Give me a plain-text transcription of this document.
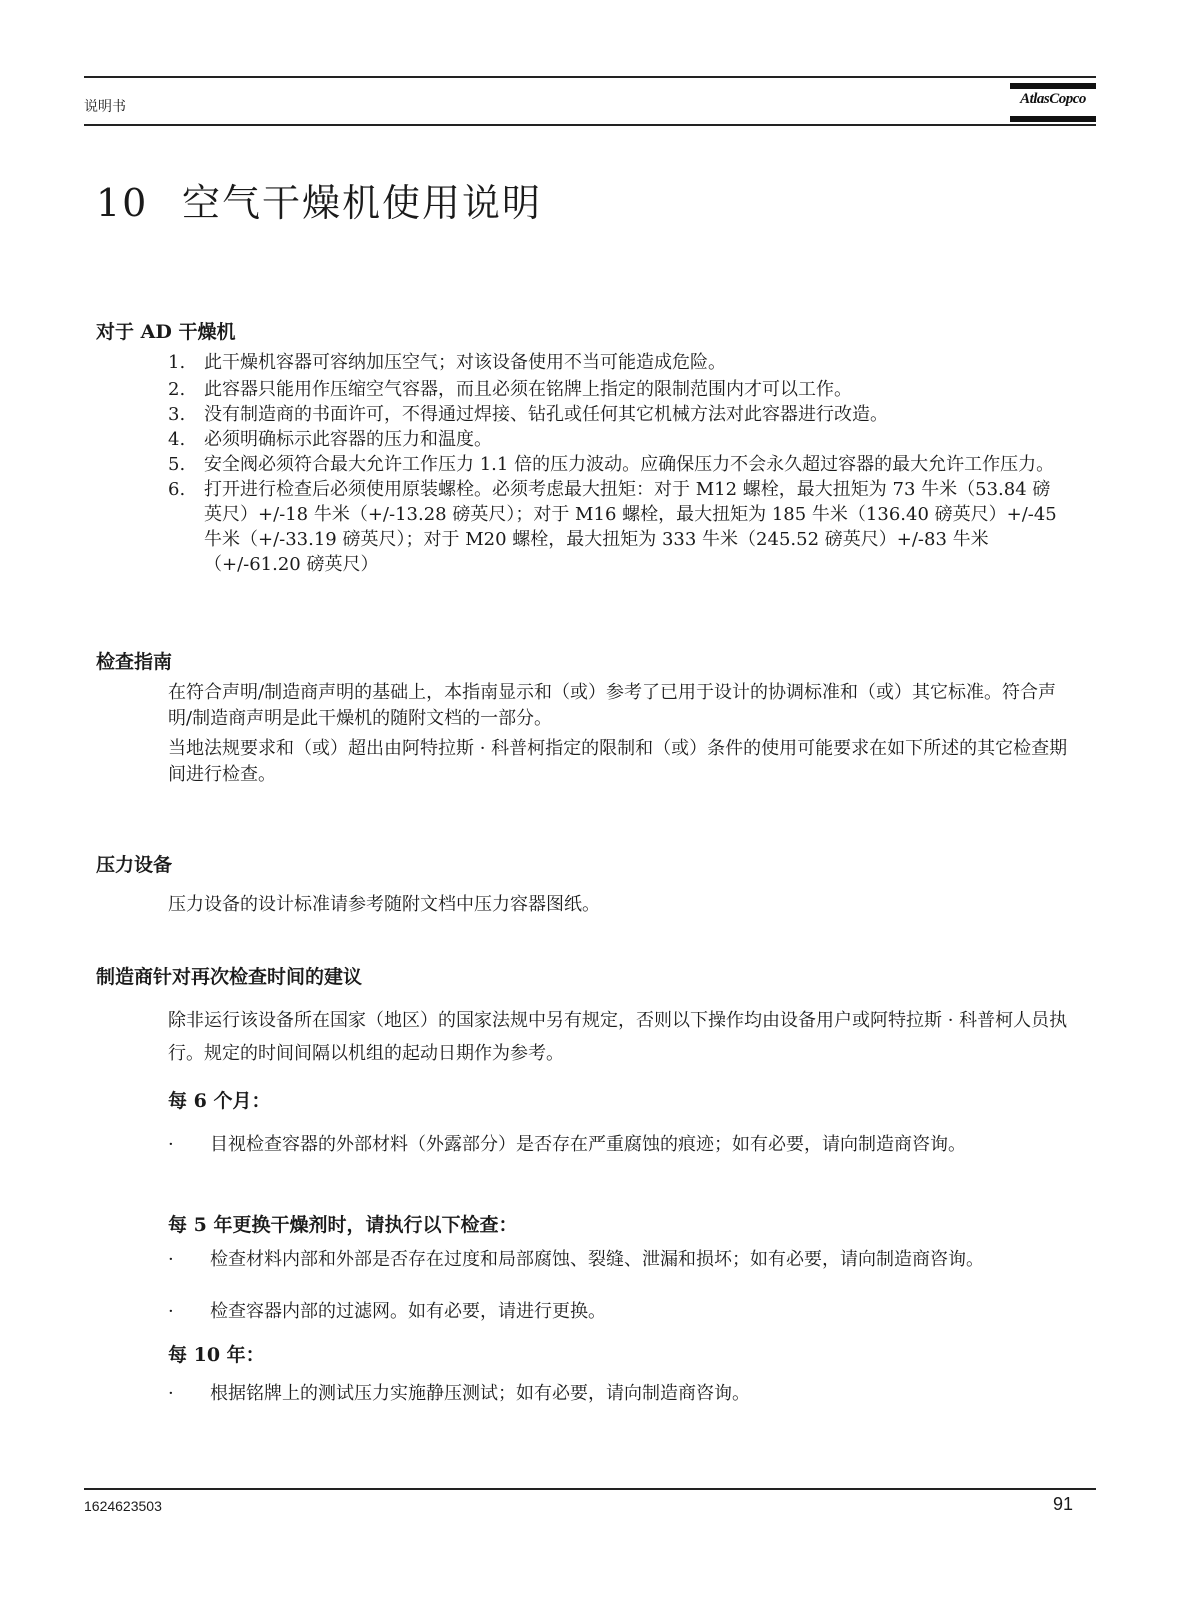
说明书	AtlasCopco
10 空气干燥机使用说明
对于 AD 干燥机
1. 此干燥机容器可容纳加压空气；对该设备使用不当可能造成危险。
2. 此容器只能用作压缩空气容器，而且必须在铭牌上指定的限制范围内才可以工作。
3. 没有制造商的书面许可，不得通过焊接、钻孔或任何其它机械方法对此容器进行改造。
4. 必须明确标示此容器的压力和温度。
5. 安全阀必须符合最大允许工作压力 1.1 倍的压力波动。应确保压力不会永久超过容器的最大允许工作压力。
6. 打开进行检查后必须使用原装螺栓。必须考虑最大扭矩：对于 M12 螺栓，最大扭矩为 73 牛米（53.84 磅英尺）+/-18 牛米（+/-13.28 磅英尺）；对于 M16 螺栓，最大扭矩为 185 牛米（136.40 磅英尺）+/-45 牛米（+/-33.19 磅英尺）；对于 M20 螺栓，最大扭矩为 333 牛米（245.52 磅英尺）+/-83 牛米（+/-61.20 磅英尺）
检查指南
在符合声明/制造商声明的基础上，本指南显示和（或）参考了已用于设计的协调标准和（或）其它标准。符合声明/制造商声明是此干燥机的随附文档的一部分。
当地法规要求和（或）超出由阿特拉斯 · 科普柯指定的限制和（或）条件的使用可能要求在如下所述的其它检查期间进行检查。
压力设备
压力设备的设计标准请参考随附文档中压力容器图纸。
制造商针对再次检查时间的建议
除非运行该设备所在国家（地区）的国家法规中另有规定，否则以下操作均由设备用户或阿特拉斯 · 科普柯人员执行。规定的时间间隔以机组的起动日期作为参考。
每 6 个月：
·	目视检查容器的外部材料（外露部分）是否存在严重腐蚀的痕迹；如有必要，请向制造商咨询。
每 5 年更换干燥剂时，请执行以下检查：
·	检查材料内部和外部是否存在过度和局部腐蚀、裂缝、泄漏和损坏；如有必要，请向制造商咨询。
·	检查容器内部的过滤网。如有必要，请进行更换。
每 10 年：
·	根据铭牌上的测试压力实施静压测试；如有必要，请向制造商咨询。
1624623503	91
